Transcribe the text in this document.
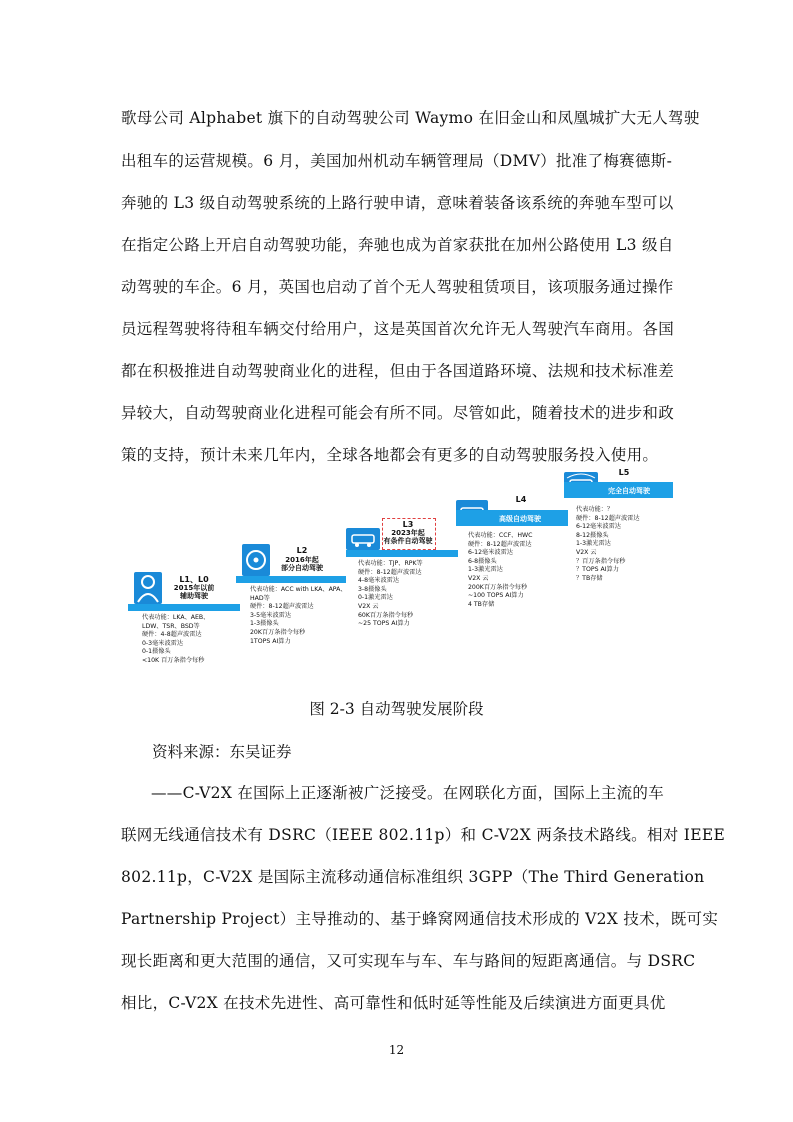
歌母公司 Alphabet 旗下的自动驾驶公司 Waymo 在旧金山和凤凰城扩大无人驾驶
出租车的运营规模。6 月，美国加州机动车辆管理局（DMV）批准了梅赛德斯-
奔驰的 L3 级自动驾驶系统的上路行驶申请，意味着装备该系统的奔驰车型可以
在指定公路上开启自动驾驶功能，奔驰也成为首家获批在加州公路使用 L3 级自
动驾驶的车企。6 月，英国也启动了首个无人驾驶租赁项目，该项服务通过操作
员远程驾驶将待租车辆交付给用户，这是英国首次允许无人驾驶汽车商用。各国
都在积极推进自动驾驶商业化的进程，但由于各国道路环境、法规和技术标准差
异较大，自动驾驶商业化进程可能会有所不同。尽管如此，随着技术的进步和政
策的支持，预计未来几年内，全球各地都会有更多的自动驾驶服务投入使用。
L1、L0
2015年以前
辅助驾驶
代表功能：LKA、AEB、
LDW、TSR、BSD等
硬件：4-8超声波雷达
0-3毫米波雷达
0-1摄像头
<10K 百万条指令每秒
L2
2016年起
部分自动驾驶
代表功能：ACC with LKA、APA、
HAD等
硬件：8-12超声波雷达
3-5毫米波雷达
1-3摄像头
20K百万条指令每秒
1TOPS AI算力
L3
2023年起
有条件自动驾驶
代表功能：TJP、RPK等
硬件：8-12超声波雷达
4-8毫米波雷达
3-8摄像头
0-1激光雷达
V2X 云
60K百万条指令每秒
~25 TOPS AI算力
L4
高级自动驾驶
代表功能：CCF、HWC
硬件：8-12超声波雷达
6-12毫米波雷达
6-8摄像头
1-3激光雷达
V2X 云
200K百万条指令每秒
~100 TOPS AI算力
4 TB存储
L5
完全自动驾驶
代表功能：？
硬件：8-12超声波雷达
6-12毫米波雷达
8-12摄像头
1-3激光雷达
V2X 云
？百万条指令每秒
？TOPS AI算力
？TB存储
图 2-3 自动驾驶发展阶段
资料来源：东吴证券
——C-V2X 在国际上正逐渐被广泛接受。在网联化方面，国际上主流的车
联网无线通信技术有 DSRC（IEEE 802.11p）和 C-V2X 两条技术路线。相对 IEEE
802.11p，C-V2X 是国际主流移动通信标准组织 3GPP（The Third Generation
Partnership Project）主导推动的、基于蜂窝网通信技术形成的 V2X 技术，既可实
现长距离和更大范围的通信，又可实现车与车、车与路间的短距离通信。与 DSRC
相比，C-V2X 在技术先进性、高可靠性和低时延等性能及后续演进方面更具优
12
